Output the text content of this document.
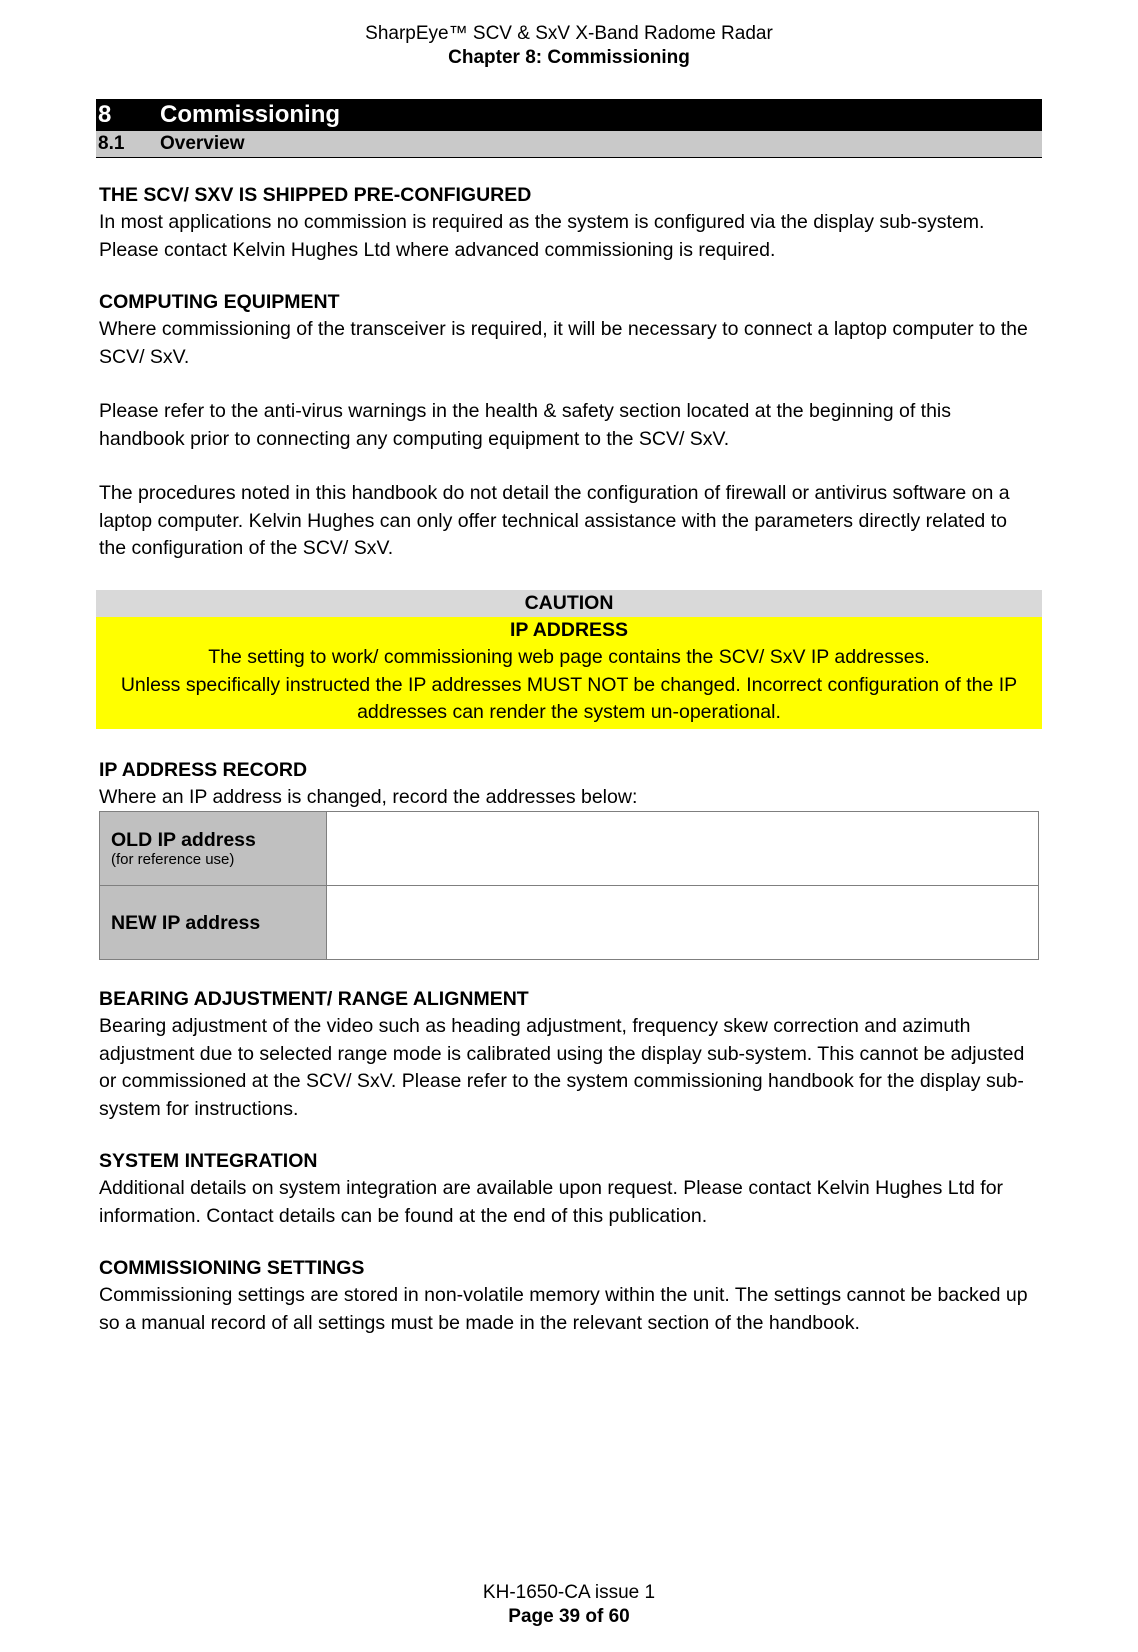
SharpEye™ SCV & SxV X-Band Radome Radar
Chapter 8: Commissioning
8	Commissioning
8.1	Overview

THE SCV/ SXV IS SHIPPED PRE-CONFIGURED

In most applications no commission is required as the system is configured via the display sub-system. Please contact Kelvin Hughes Ltd where advanced commissioning is required.

COMPUTING EQUIPMENT

Where commissioning of the transceiver is required, it will be necessary to connect a laptop computer to the SCV/ SxV.

Please refer to the anti-virus warnings in the health & safety section located at the beginning of this handbook prior to connecting any computing equipment to the SCV/ SxV.

The procedures noted in this handbook do not detail the configuration of firewall or antivirus software on a laptop computer. Kelvin Hughes can only offer technical assistance with the parameters directly related to the configuration of the SCV/ SxV.

CAUTION
IP ADDRESS
The setting to work/ commissioning web page contains the SCV/ SxV IP addresses.
Unless specifically instructed the IP addresses MUST NOT be changed. Incorrect configuration of the IP addresses can render the system un-operational.

IP ADDRESS RECORD

Where an IP address is changed, record the addresses below:

OLD IP address
(for reference use)	

NEW IP address	

BEARING ADJUSTMENT/ RANGE ALIGNMENT

Bearing adjustment of the video such as heading adjustment, frequency skew correction and azimuth adjustment due to selected range mode is calibrated using the display sub-system. This cannot be adjusted or commissioned at the SCV/ SxV. Please refer to the system commissioning handbook for the display sub-system for instructions.

SYSTEM INTEGRATION

Additional details on system integration are available upon request. Please contact Kelvin Hughes Ltd for information. Contact details can be found at the end of this publication.

COMMISSIONING SETTINGS

Commissioning settings are stored in non-volatile memory within the unit. The settings cannot be backed up so a manual record of all settings must be made in the relevant section of the handbook.

KH-1650-CA issue 1
Page 39 of 60
